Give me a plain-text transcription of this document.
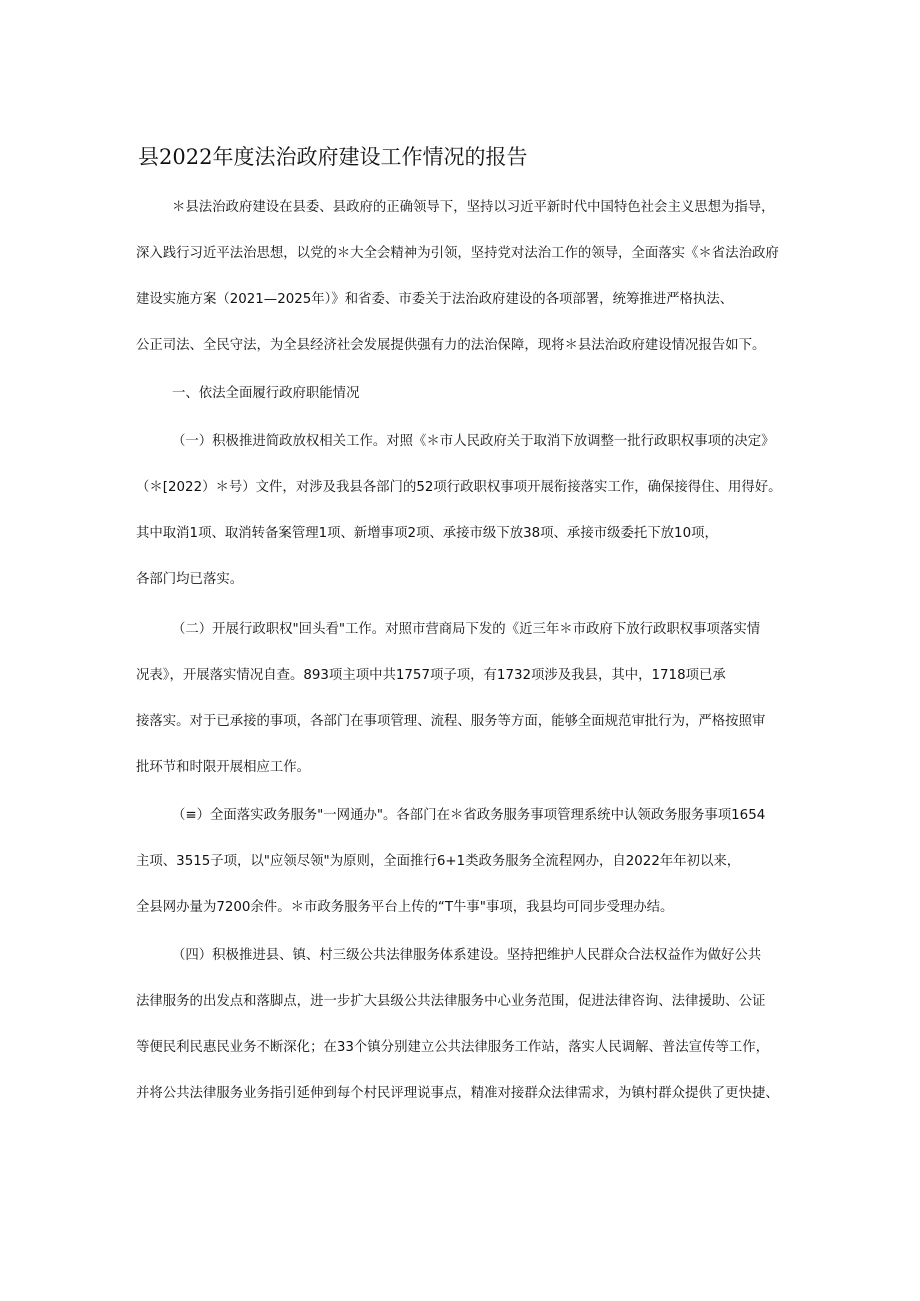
县2022年度法治政府建设工作情况的报告
＊县法治政府建设在县委、县政府的正确领导下，坚持以习近平新时代中国特色社会主义思想为指导，
深入践行习近平法治思想，以党的＊大全会精神为引领，坚持党对法治工作的领导，全面落实《＊省法治政府
建设实施方案（2021—2025年）》和省委、市委关于法治政府建设的各项部署，统筹推进严格执法、
公正司法、全民守法，为全县经济社会发展提供强有力的法治保障，现将＊县法治政府建设情况报告如下。
一、依法全面履行政府职能情况
（一）积极推进简政放权相关工作。对照《＊市人民政府关于取消下放调整一批行政职权事项的决定》
（＊[2022）＊号）文件，对涉及我县各部门的52项行政职权事项开展衔接落实工作，确保接得住、用得好。
其中取消1项、取消转备案管理1项、新增事项2项、承接市级下放38项、承接市级委托下放10项，
各部门均已落实。
（二）开展行政职权"回头看"工作。对照市营商局下发的《近三年＊市政府下放行政职权事项落实情
况表》，开展落实情况自查。893项主项中共1757项子项，有1732项涉及我县，其中，1718项已承
接落实。对于已承接的事项，各部门在事项管理、流程、服务等方面，能够全面规范审批行为，严格按照审
批环节和时限开展相应工作。
（≡）全面落实政务服务"一网通办"。各部门在＊省政务服务事项管理系统中认领政务服务事项1654
主项、3515子项，以"应领尽领"为原则，全面推行6+1类政务服务全流程网办，自2022年年初以来，
全县网办量为7200余件。＊市政务服务平台上传的“T牛事"事项，我县均可同步受理办结。
（四）积极推进县、镇、村三级公共法律服务体系建设。坚持把维护人民群众合法权益作为做好公共
法律服务的出发点和落脚点，进一步扩大县级公共法律服务中心业务范围，促进法律咨询、法律援助、公证
等便民利民惠民业务不断深化；在33个镇分别建立公共法律服务工作站，落实人民调解、普法宣传等工作，
并将公共法律服务业务指引延伸到每个村民评理说事点，精准对接群众法律需求，为镇村群众提供了更快捷、
